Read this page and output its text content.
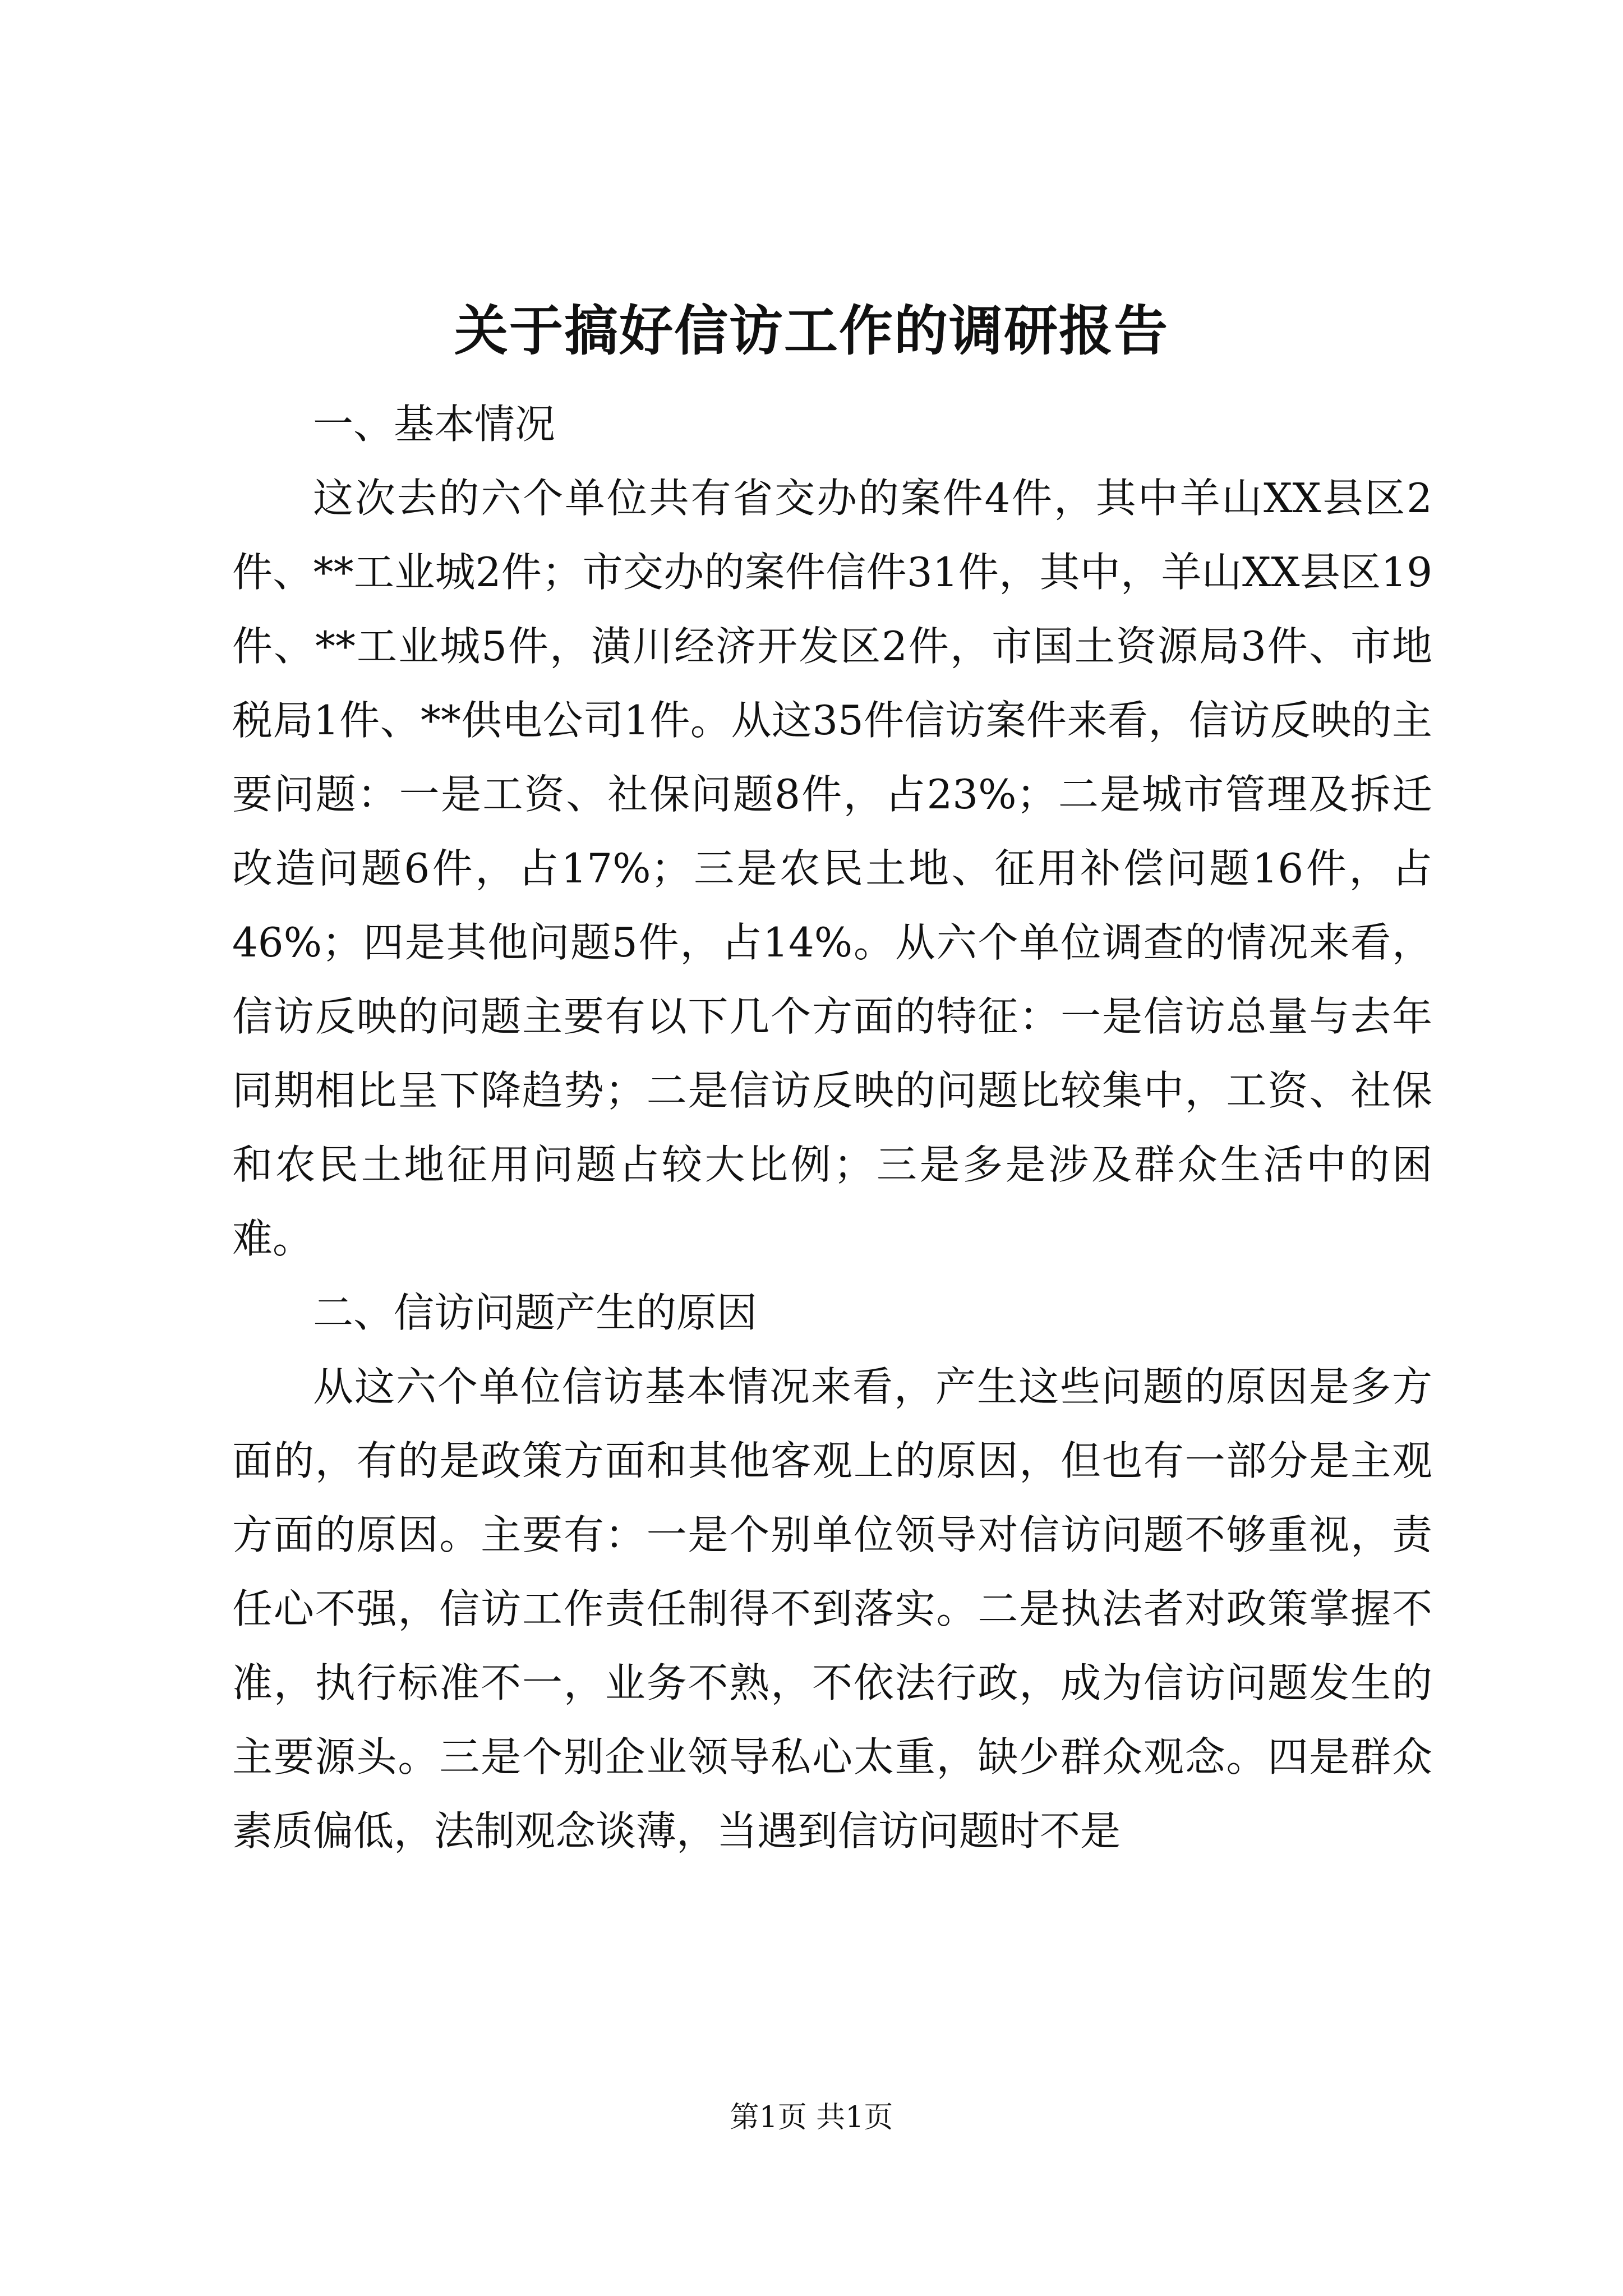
关于搞好信访工作的调研报告

一、基本情况

这次去的六个单位共有省交办的案件4件，其中羊山XX县区2件、**工业城2件；市交办的案件信件31件，其中，羊山XX县区19件、**工业城5件，潢川经济开发区2件，市国土资源局3件、市地税局1件、**供电公司1件。从这35件信访案件来看，信访反映的主要问题：一是工资、社保问题8件，占23%；二是城市管理及拆迁改造问题6件，占17%；三是农民土地、征用补偿问题16件，占46%；四是其他问题5件，占14%。从六个单位调查的情况来看，信访反映的问题主要有以下几个方面的特征：一是信访总量与去年同期相比呈下降趋势；二是信访反映的问题比较集中，工资、社保和农民土地征用问题占较大比例；三是多是涉及群众生活中的困难。

二、信访问题产生的原因

从这六个单位信访基本情况来看，产生这些问题的原因是多方面的，有的是政策方面和其他客观上的原因，但也有一部分是主观方面的原因。主要有：一是个别单位领导对信访问题不够重视，责任心不强，信访工作责任制得不到落实。二是执法者对政策掌握不准，执行标准不一，业务不熟，不依法行政，成为信访问题发生的主要源头。三是个别企业领导私心太重，缺少群众观念。四是群众素质偏低，法制观念谈薄，当遇到信访问题时不是

第1页 共1页
